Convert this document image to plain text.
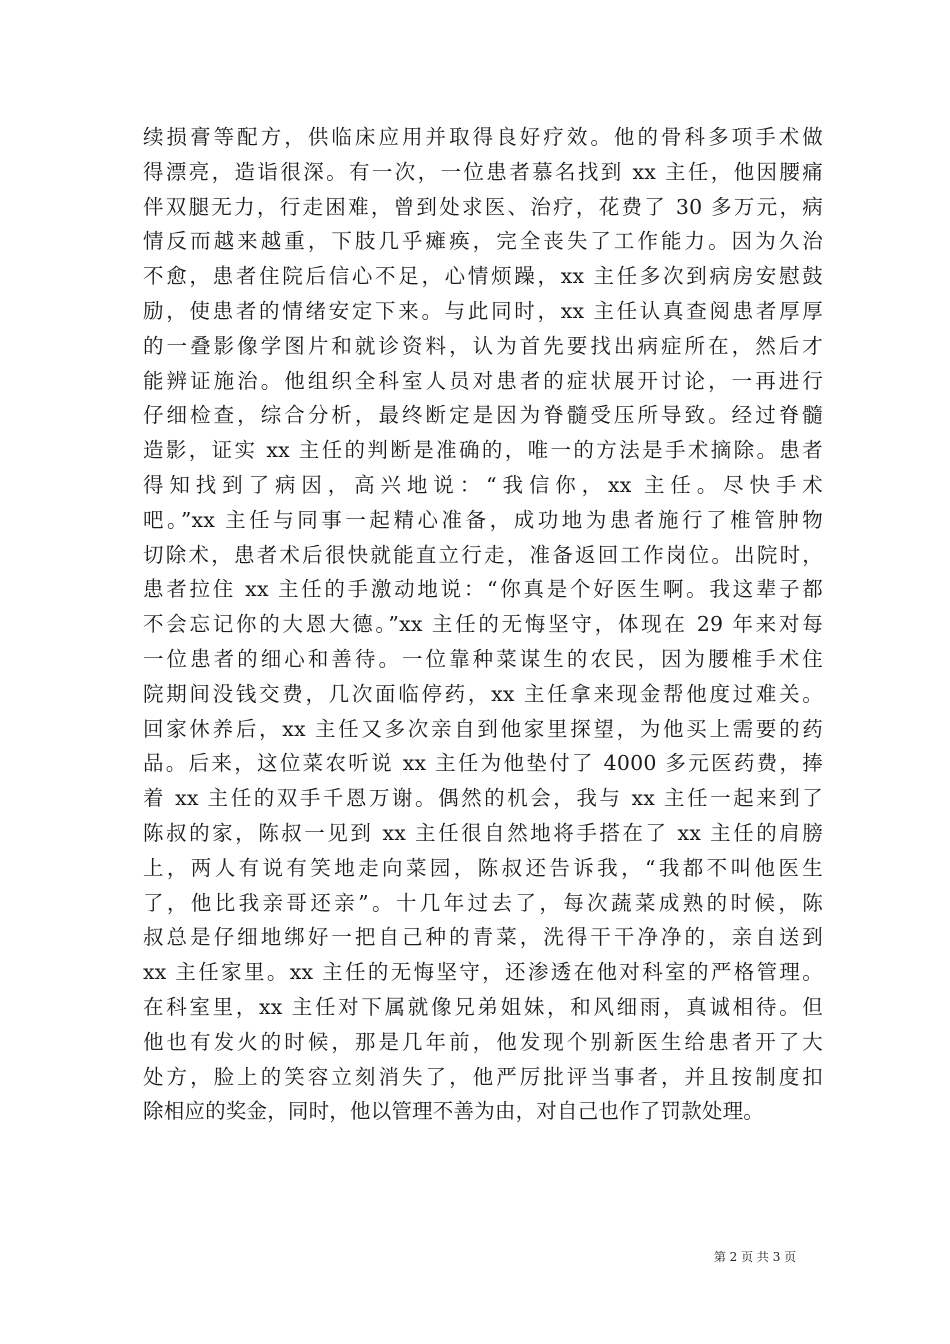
续损膏等配方，供临床应用并取得良好疗效。他的骨科多项手术做
得漂亮，造诣很深。有一次，一位患者慕名找到 xx 主任，他因腰痛
伴双腿无力，行走困难，曾到处求医、治疗，花费了 30 多万元，病
情反而越来越重，下肢几乎瘫痪，完全丧失了工作能力。因为久治
不愈，患者住院后信心不足，心情烦躁，xx 主任多次到病房安慰鼓
励，使患者的情绪安定下来。与此同时，xx 主任认真查阅患者厚厚
的一叠影像学图片和就诊资料，认为首先要找出病症所在，然后才
能辨证施治。他组织全科室人员对患者的症状展开讨论，一再进行
仔细检查，综合分析，最终断定是因为脊髓受压所导致。经过脊髓
造影，证实 xx 主任的判断是准确的，唯一的方法是手术摘除。患者
得知找到了病因，高兴地说：“我信你，xx 主任。尽快手术
吧。”xx 主任与同事一起精心准备，成功地为患者施行了椎管肿物
切除术，患者术后很快就能直立行走，准备返回工作岗位。出院时，
患者拉住 xx 主任的手激动地说：“你真是个好医生啊。我这辈子都
不会忘记你的大恩大德。”xx 主任的无悔坚守，体现在 29 年来对每
一位患者的细心和善待。一位靠种菜谋生的农民，因为腰椎手术住
院期间没钱交费，几次面临停药，xx 主任拿来现金帮他度过难关。
回家休养后，xx 主任又多次亲自到他家里探望，为他买上需要的药
品。后来，这位菜农听说 xx 主任为他垫付了 4000 多元医药费，捧
着 xx 主任的双手千恩万谢。偶然的机会，我与 xx 主任一起来到了
陈叔的家，陈叔一见到 xx 主任很自然地将手搭在了 xx 主任的肩膀
上，两人有说有笑地走向菜园，陈叔还告诉我，“我都不叫他医生
了，他比我亲哥还亲”。十几年过去了，每次蔬菜成熟的时候，陈
叔总是仔细地绑好一把自己种的青菜，洗得干干净净的，亲自送到
xx 主任家里。xx 主任的无悔坚守，还渗透在他对科室的严格管理。
在科室里，xx 主任对下属就像兄弟姐妹，和风细雨，真诚相待。但
他也有发火的时候，那是几年前，他发现个别新医生给患者开了大
处方，脸上的笑容立刻消失了，他严厉批评当事者，并且按制度扣
除相应的奖金，同时，他以管理不善为由，对自己也作了罚款处理。
第 2 页 共 3 页
